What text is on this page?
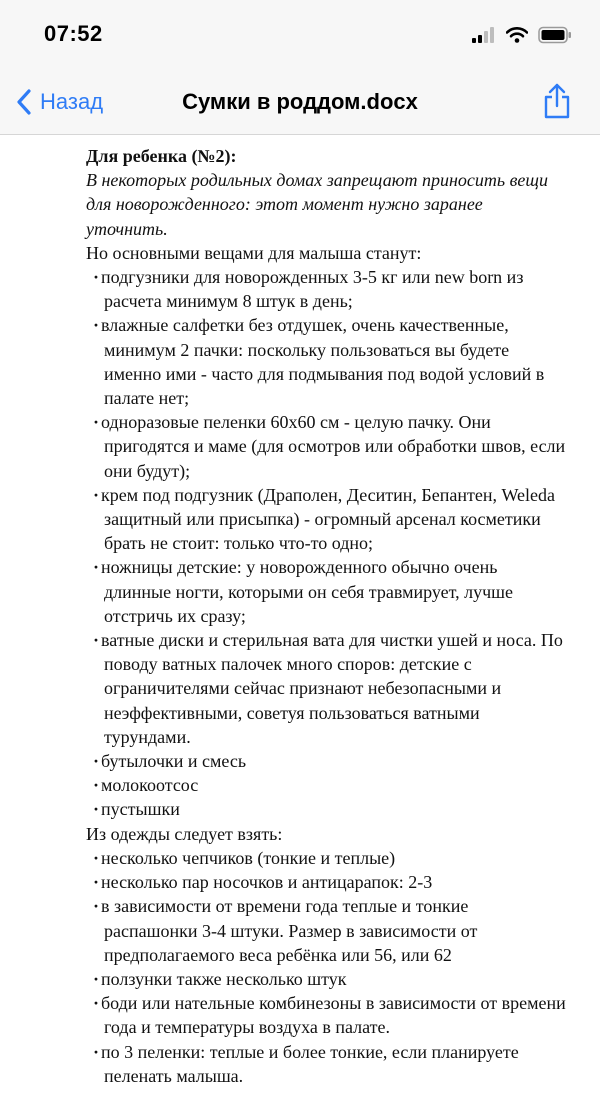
07:52
Назад	Сумки в роддом.docx

Для ребенка (№2):

В некоторых родильных домах запрещают приносить вещи для новорожденного: этот момент нужно заранее уточнить.

Но основными вещами для малыша станут:

· подгузники для новорожденных 3-5 кг или new born из расчета минимум 8 штук в день;
· влажные салфетки без отдушек, очень качественные, минимум 2 пачки: поскольку пользоваться вы будете именно ими - часто для подмывания под водой условий в палате нет;
· одноразовые пеленки 60х60 см - целую пачку. Они пригодятся и маме (для осмотров или обработки швов, если они будут);
· крем под подгузник (Драполен, Деситин, Бепантен, Weleda защитный или присыпка) - огромный арсенал косметики брать не стоит: только что-то одно;
· ножницы детские: у новорожденного обычно очень длинные ногти, которыми он себя травмирует, лучше отстричь их сразу;
· ватные диски и стерильная вата для чистки ушей и носа. По поводу ватных палочек много споров: детские с ограничителями сейчас признают небезопасными и неэффективными, советуя пользоваться ватными турундами.
· бутылочки и смесь
· молокоотсос
· пустышки

Из одежды следует взять:

· несколько чепчиков (тонкие и теплые)
· несколько пар носочков и антицарапок: 2-3
· в зависимости от времени года теплые и тонкие распашонки 3-4 штуки. Размер в зависимости от предполагаемого веса ребёнка или 56, или 62
· ползунки также несколько штук
· боди или нательные комбинезоны в зависимости от времени года и температуры воздуха в палате.
· по 3 пеленки: теплые и более тонкие, если планируете пеленать малыша.
